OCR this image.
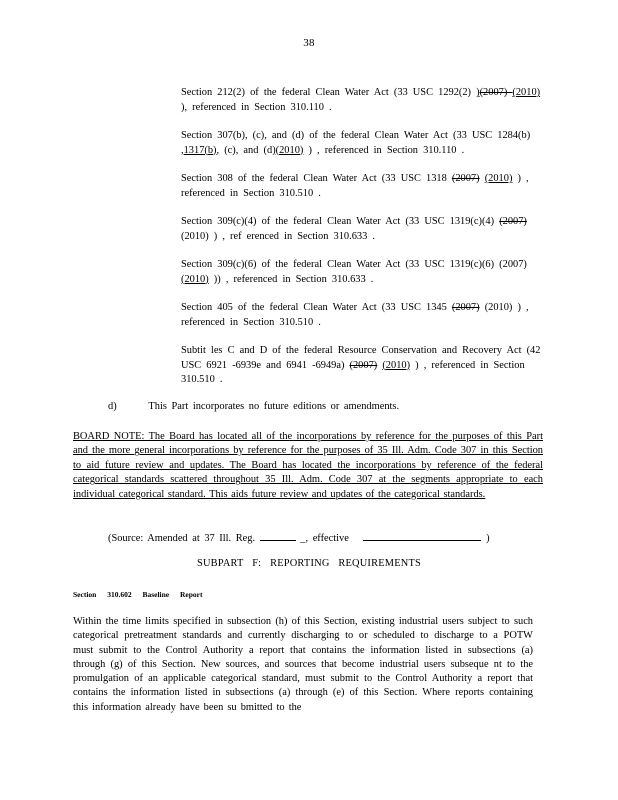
38

Section 212(2) of the federal Clean Water Act (33 USC 1292(2) )(2007) (2010) ), referenced in Section 310.110 .

Section 307(b), (c), and (d) of the federal Clean Water Act (33 USC 1284(b) ,1317(b), (c), and (d)(2010) ) , referenced in Section 310.110 .

Section 308 of the federal Clean Water Act (33 USC 1318 (2007) (2010) ) , referenced in Section 310.510 .

Section 309(c)(4) of the federal Clean Water Act (33 USC 1319(c)(4) (2007) (2010) ) , ref erenced in Section 310.633 .

Section 309(c)(6) of the federal Clean Water Act (33 USC 1319(c)(6) (2007) (2010) )) , referenced in Section 310.633 .

Section 405 of the federal Clean Water Act (33 USC 1345 (2007) (2010) ) , referenced in Section 310.510 .

Subtit les C and D of the federal Resource Conservation and Recovery Act (42 USC 6921 -6939e and 6941 -6949a) (2007) (2010) ) , referenced in Section 310.510 .

d)	This Part incorporates no future editions or amendments.
BOARD NOTE: The Board has located all of the incorporations by reference for the purposes of this Part and the more general incorporations by reference for the purposes of 35 Ill. Adm. Code 307 in this Section to aid future review and updates. The Board has located the incorporations by reference of the federal categorical standards scattered throughout 35 Ill. Adm. Code 307 at the segments appropriate to each individual categorical standard. This aids future review and updates of the categorical standards.
(Source: Amended at 37 Ill. Reg.	_, effective	)
SUBPART F: REPORTING REQUIREMENTS
Section 310.602 Baseline Report
Within the time limits specified in subsection (h) of this Section, existing industrial users subject to such categorical pretreatment standards and currently discharging to or scheduled to discharge to a POTW must submit to the Control Authority a report that contains the information listed in subsections (a) through (g) of this Section. New sources, and sources that become industrial users subseque nt to the promulgation of an applicable categorical standard, must submit to the Control Authority a report that contains the information listed in subsections (a) through (e) of this Section. Where reports containing this information already have been su bmitted to the
